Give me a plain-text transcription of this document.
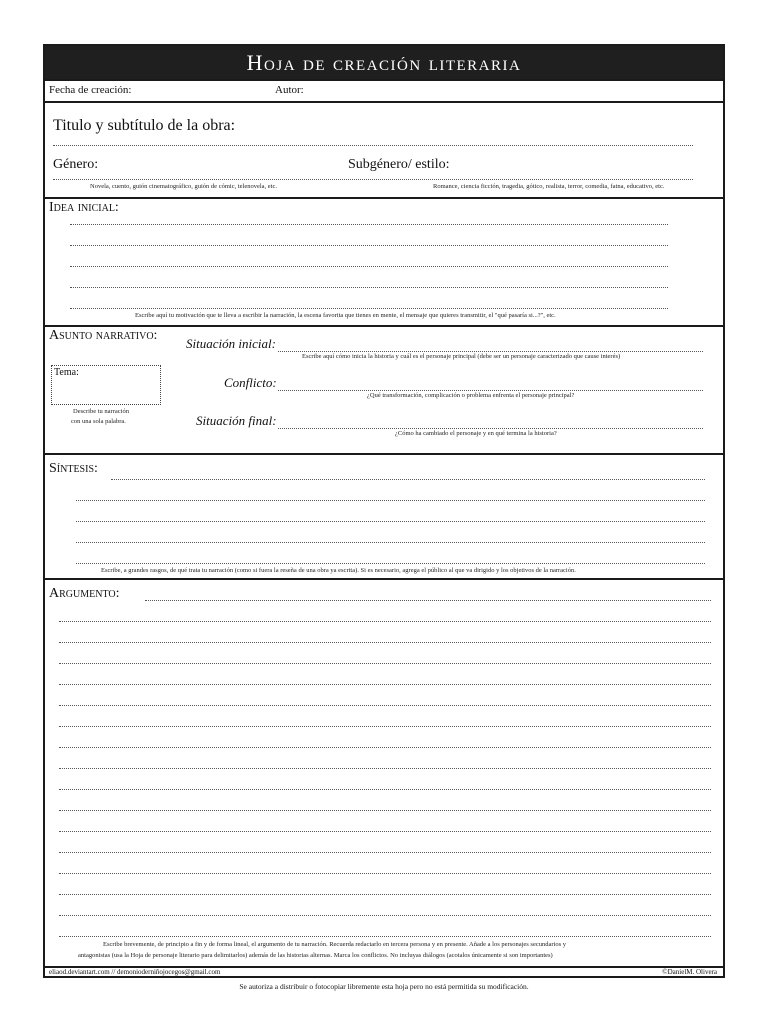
Hoja de creación literaria
Fecha de creación:	Autor:
Titulo y subtítulo de la obra:
Género:	Subgénero/ estilo:
Novela, cuento, guión cinematográfico, guión de cómic, telenovela, etc.	Romance, ciencia ficción, tragedia, gótico, realista, terror, comedia, fatna, educativo, etc.
Idea inicial:
Escribe aquí tu motivación que te lleva a escribir la narración, la escena favorita que tienes en mente, el mensaje que quieres transmitir, el "qué pasaría si...?", etc.
Asunto narrativo:
Tema:
Describe tu narración
con una sola palabra.
Situación inicial:
Escribe aquí cómo inicia la historia y cuál es el personaje principal (debe ser un personaje caracterizado que cause interés)
Conflicto:
¿Qué transformación, complicación o problema enfrenta el personaje principal?
Situación final:
¿Cómo ha cambiado el personaje y en qué termina la historia?
Síntesis:
Escribe, a grandes rasgos, de qué trata tu narración (como si fuera la reseña de una obra ya escrita). Si es necesario, agrega el público al que va dirigido y los objetivos de la narración.
Argumento:
Escribe brevemente, de principio a fin y de forma lineal, el argumento de tu narración. Recuerda redactarlo en tercera persona y en presente. Añade a los personajes secundarios y
antagonistas (usa la Hoja de personaje literario para delimitarlos) además de las historias alternas. Marca los conflictos. No incluyas diálogos (acotalos únicamente si son importantes)
eliaod.deviantart.com // demonioderniñojocegos@gmail.com	©DanielM. Olivera
Se autoriza a distribuir o fotocopiar libremente esta hoja pero no está permitida su modificación.
